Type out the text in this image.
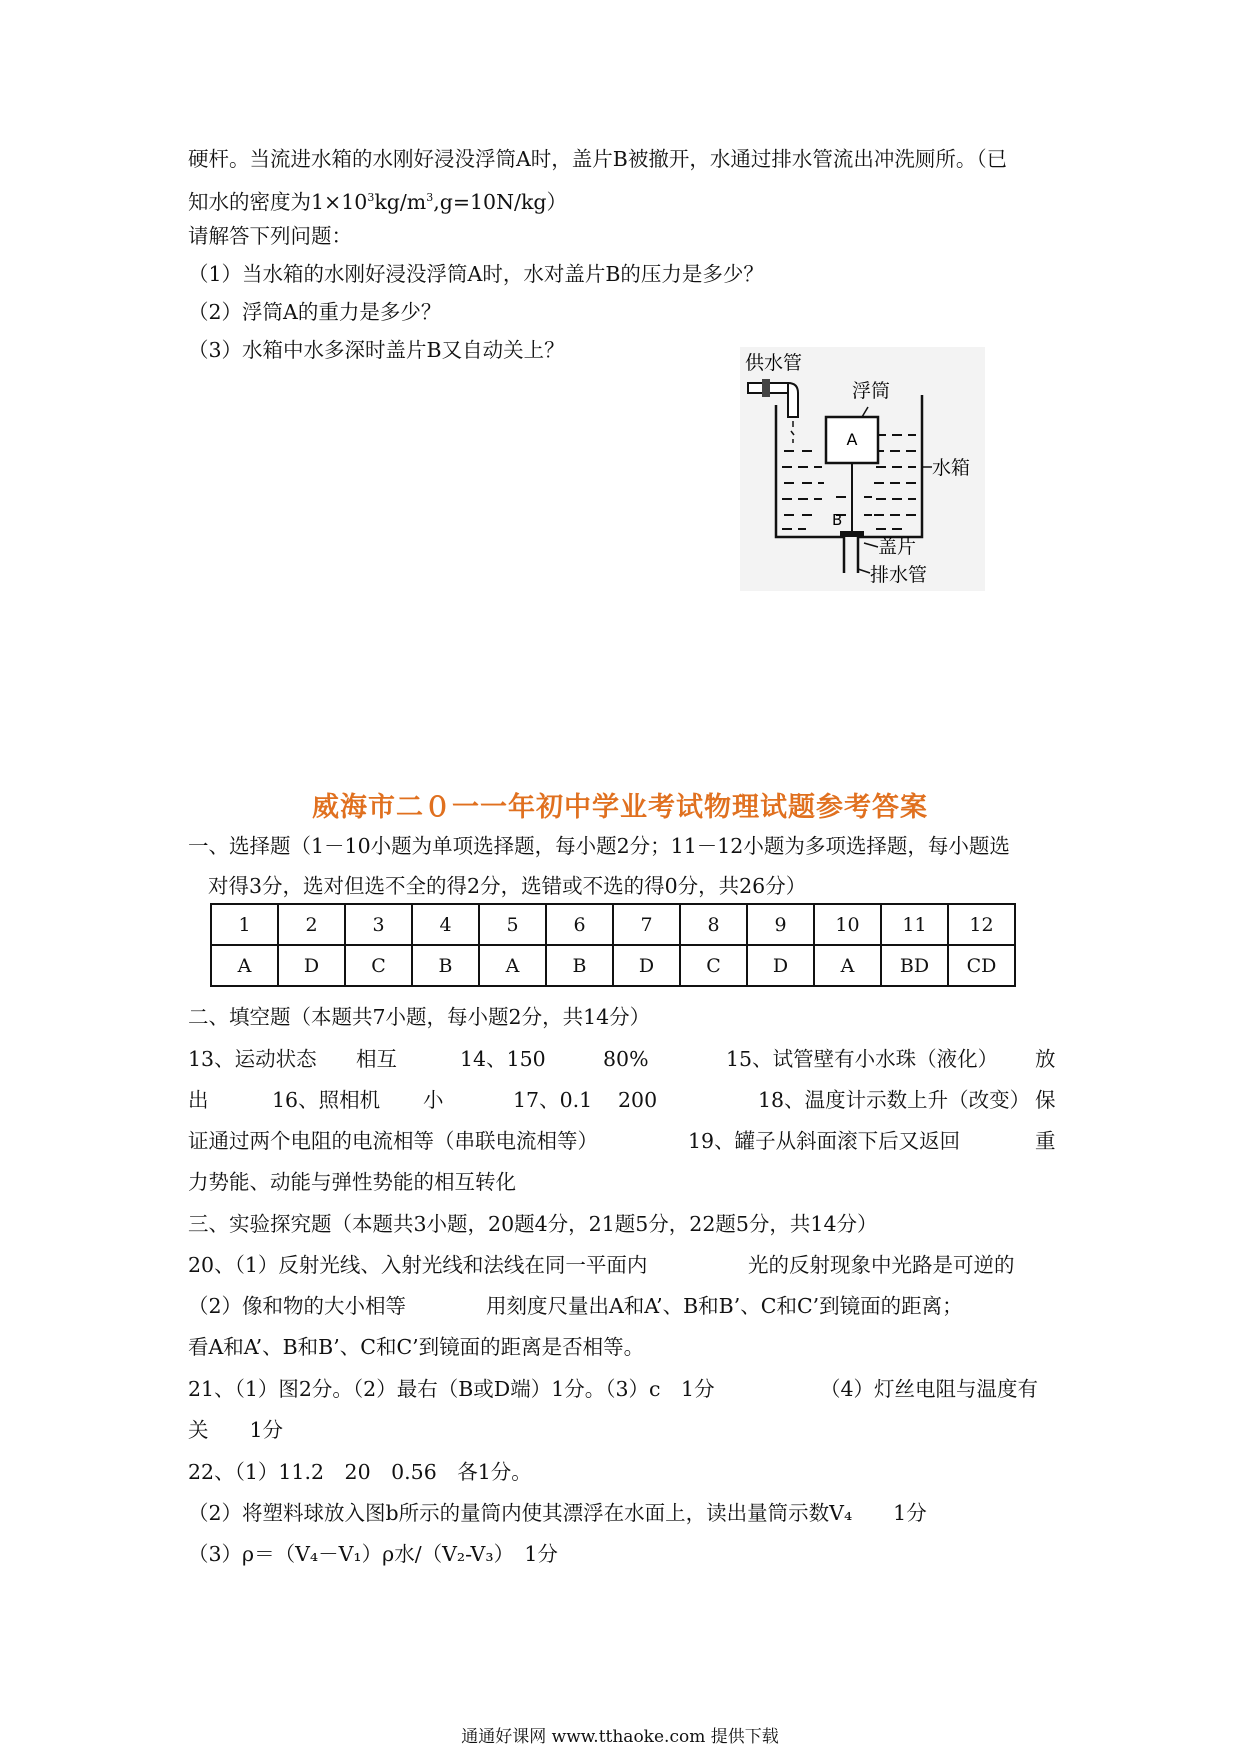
硬杆。当流进水箱的水刚好浸没浮筒A时，盖片B被撤开，水通过排水管流出冲洗厕所。（已
知水的密度为$1\times 10^3kg/m^3,g=10N/kg$）
请解答下列问题：
（1）当水箱的水刚好浸没浮筒A时，水对盖片B的压力是多少？
（2）浮筒A的重力是多少？
（3）水箱中水多深时盖片B又自动关上？
A
B
供水管
浮筒
水箱
盖片
排水管
威海市二０一一年初中学业考试物理试题参考答案
一、选择题（1－10小题为单项选择题，每小题2分；11－12小题为多项选择题，每小题选
对得3分，选对但选不全的得2分，选错或不选的得0分，共26分）
1	2	3	4	5	6	7	8	9	10	11	12
A	D	C	B	A	B	D	C	D	A	BD	CD
二、填空题（本题共7小题，每小题2分，共14分）
13、运动状态 相互	14、150	80%	15、试管壁有小水珠（液化） 放
出	16、照相机 小	17、0.1 200	18、温度计示数上升（改变） 保
证通过两个电阻的电流相等（串联电流相等）	19、罐子从斜面滚下后又返回	重
力势能、动能与弹性势能的相互转化
三、实验探究题（本题共3小题，20题4分，21题5分，22题5分，共14分）
20、（1）反射光线、入射光线和法线在同一平面内	光的反射现象中光路是可逆的
（2）像和物的大小相等	用刻度尺量出A和A’、B和B’、C和C’到镜面的距离；
看A和A’、B和B’、C和C’到镜面的距离是否相等。
21、（1）图2分。（2）最右（B或D端）1分。（3）c　1分	（4）灯丝电阻与温度有
关　　1分
22、（1）11.2　20　0.56　各1分。
（2）将塑料球放入图b所示的量筒内使其漂浮在水面上，读出量筒示数V₄　　1分
（3）ρ＝（V₄－V₁）ρ水/（V₂-V₃）　1分
通通好课网 www.tthaoke.com 提供下载
